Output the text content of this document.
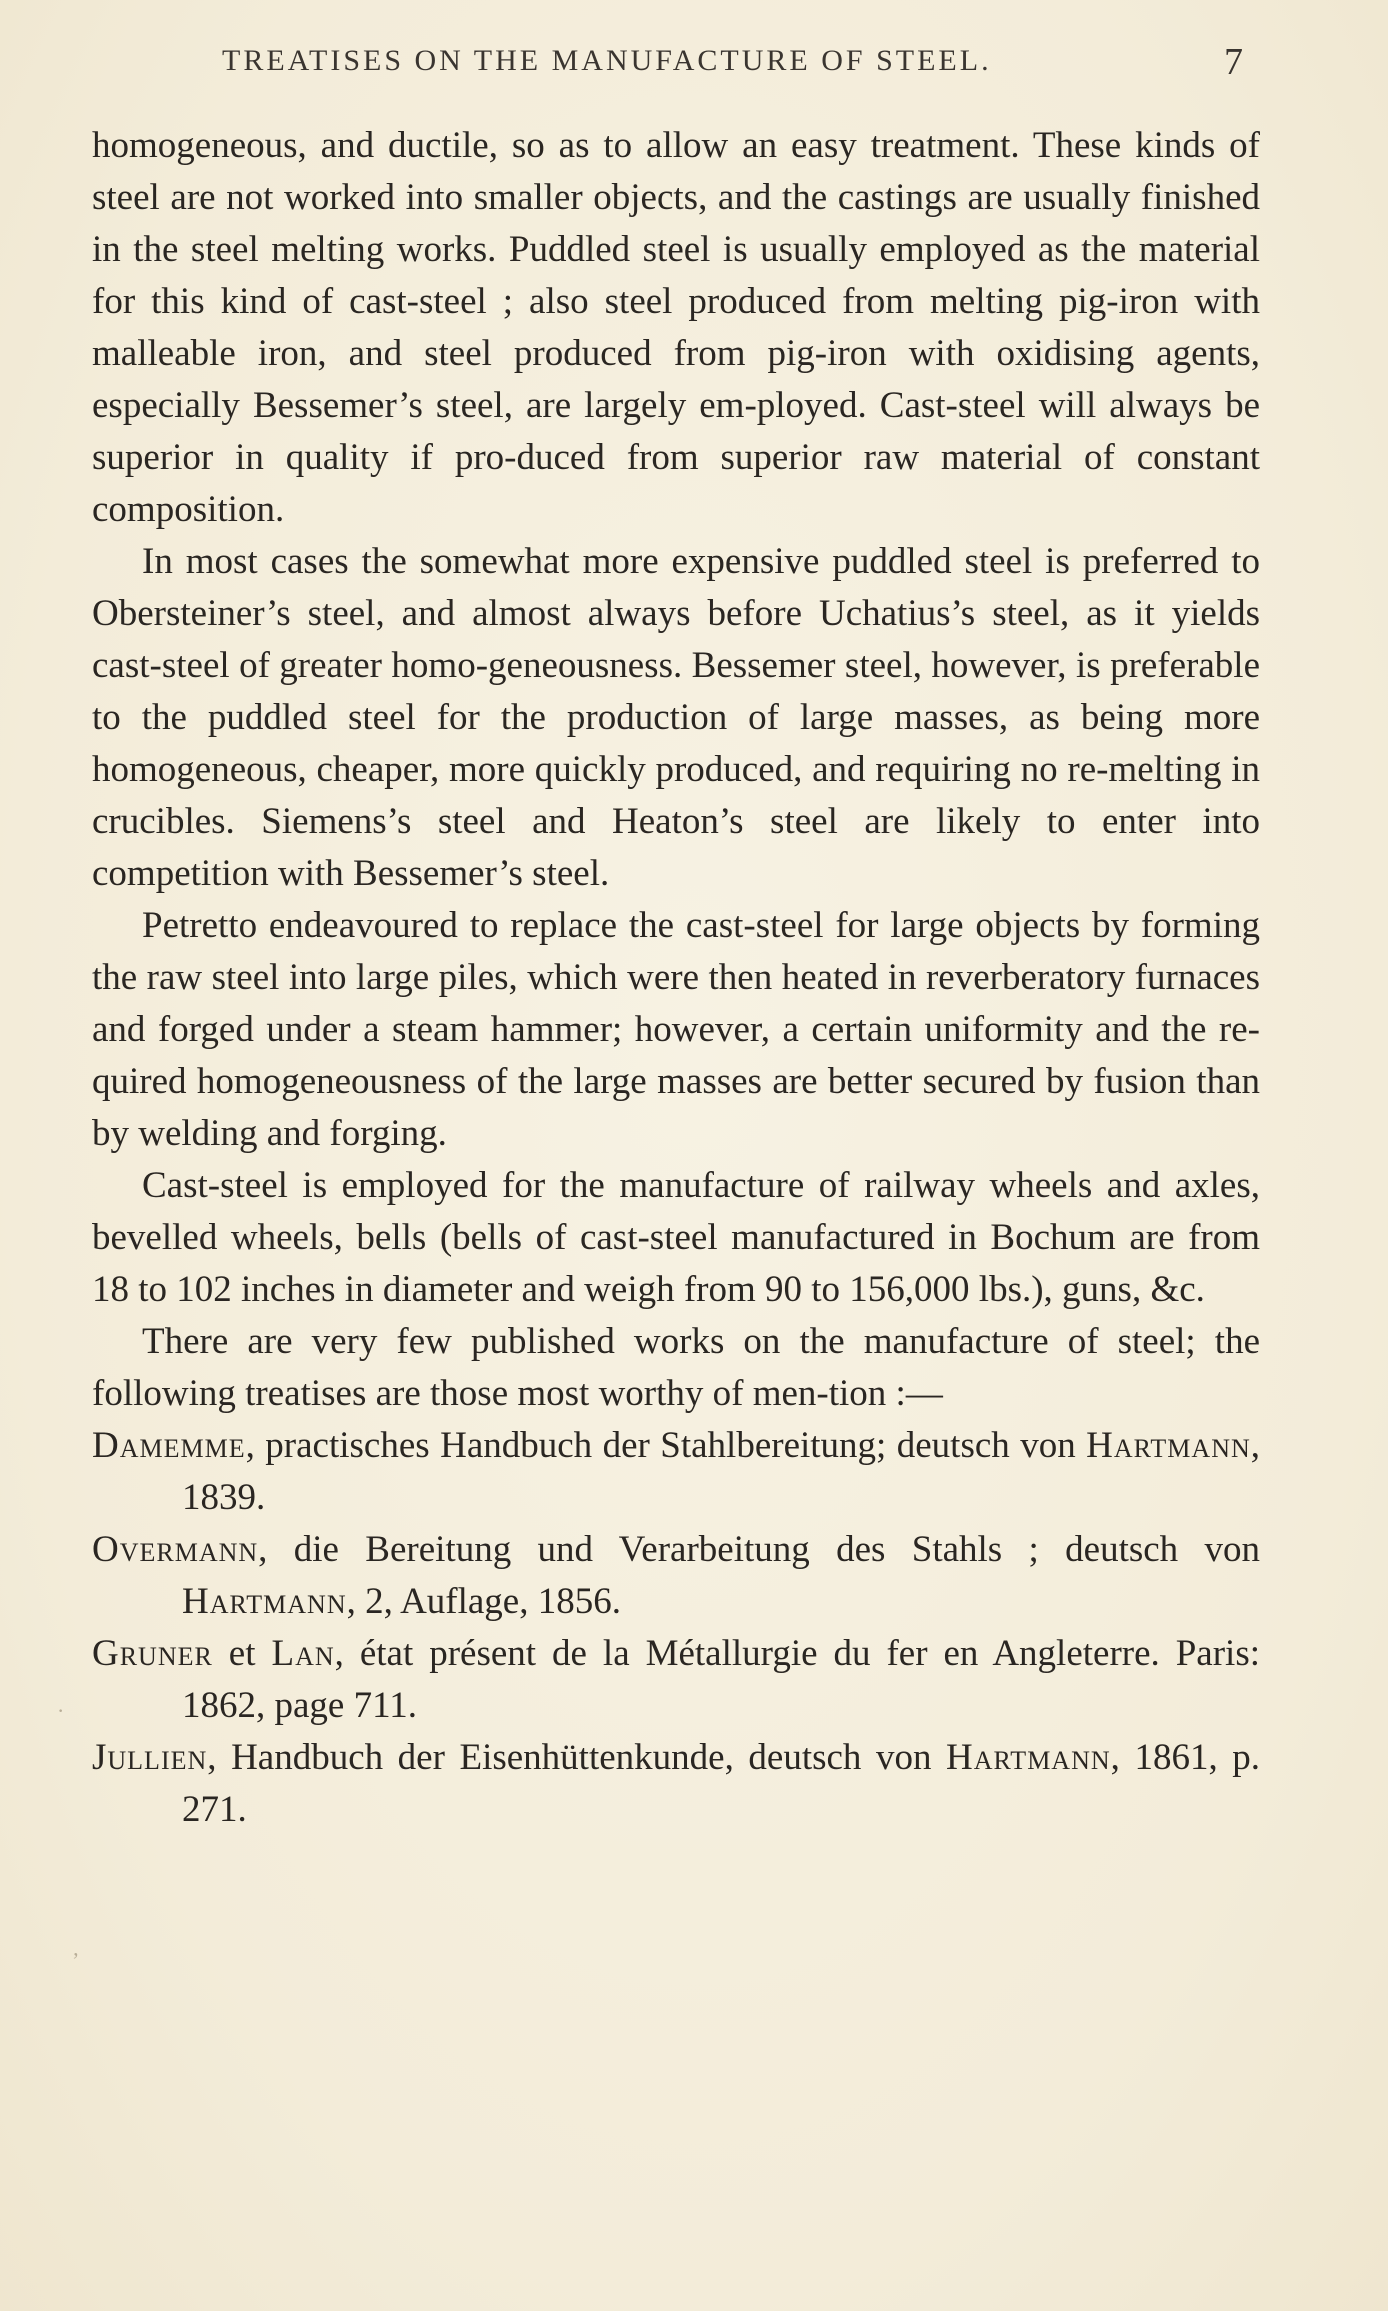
TREATISES ON THE MANUFACTURE OF STEEL.	7

homogeneous, and ductile, so as to allow an easy treatment. These kinds of steel are not worked into smaller objects, and the castings are usually finished in the steel melting works. Puddled steel is usually employed as the material for this kind of cast-steel ; also steel produced from melting pig-iron with malleable iron, and steel produced from pig-iron with oxidising agents, especially Bessemer’s steel, are largely em-ployed. Cast-steel will always be superior in quality if pro-duced from superior raw material of constant composition.

In most cases the somewhat more expensive puddled steel is preferred to Obersteiner’s steel, and almost always before Uchatius’s steel, as it yields cast-steel of greater homo-geneousness. Bessemer steel, however, is preferable to the puddled steel for the production of large masses, as being more homogeneous, cheaper, more quickly produced, and requiring no re-melting in crucibles. Siemens’s steel and Heaton’s steel are likely to enter into competition with Bessemer’s steel.

Petretto endeavoured to replace the cast-steel for large objects by forming the raw steel into large piles, which were then heated in reverberatory furnaces and forged under a steam hammer; however, a certain uniformity and the re-quired homogeneousness of the large masses are better secured by fusion than by welding and forging.

Cast-steel is employed for the manufacture of railway wheels and axles, bevelled wheels, bells (bells of cast-steel manufactured in Bochum are from 18 to 102 inches in diameter and weigh from 90 to 156,000 lbs.), guns, &c.

There are very few published works on the manufacture of steel; the following treatises are those most worthy of men-tion :—

Damemme, practisches Handbuch der Stahlbereitung; deutsch von Hartmann, 1839.

Overmann, die Bereitung und Verarbeitung des Stahls ; deutsch von Hartmann, 2, Auflage, 1856.

Gruner et Lan, état présent de la Métallurgie du fer en Angleterre. Paris: 1862, page 711.

Jullien, Handbuch der Eisenhüttenkunde, deutsch von Hartmann, 1861, p. 271.

·
ʼ
